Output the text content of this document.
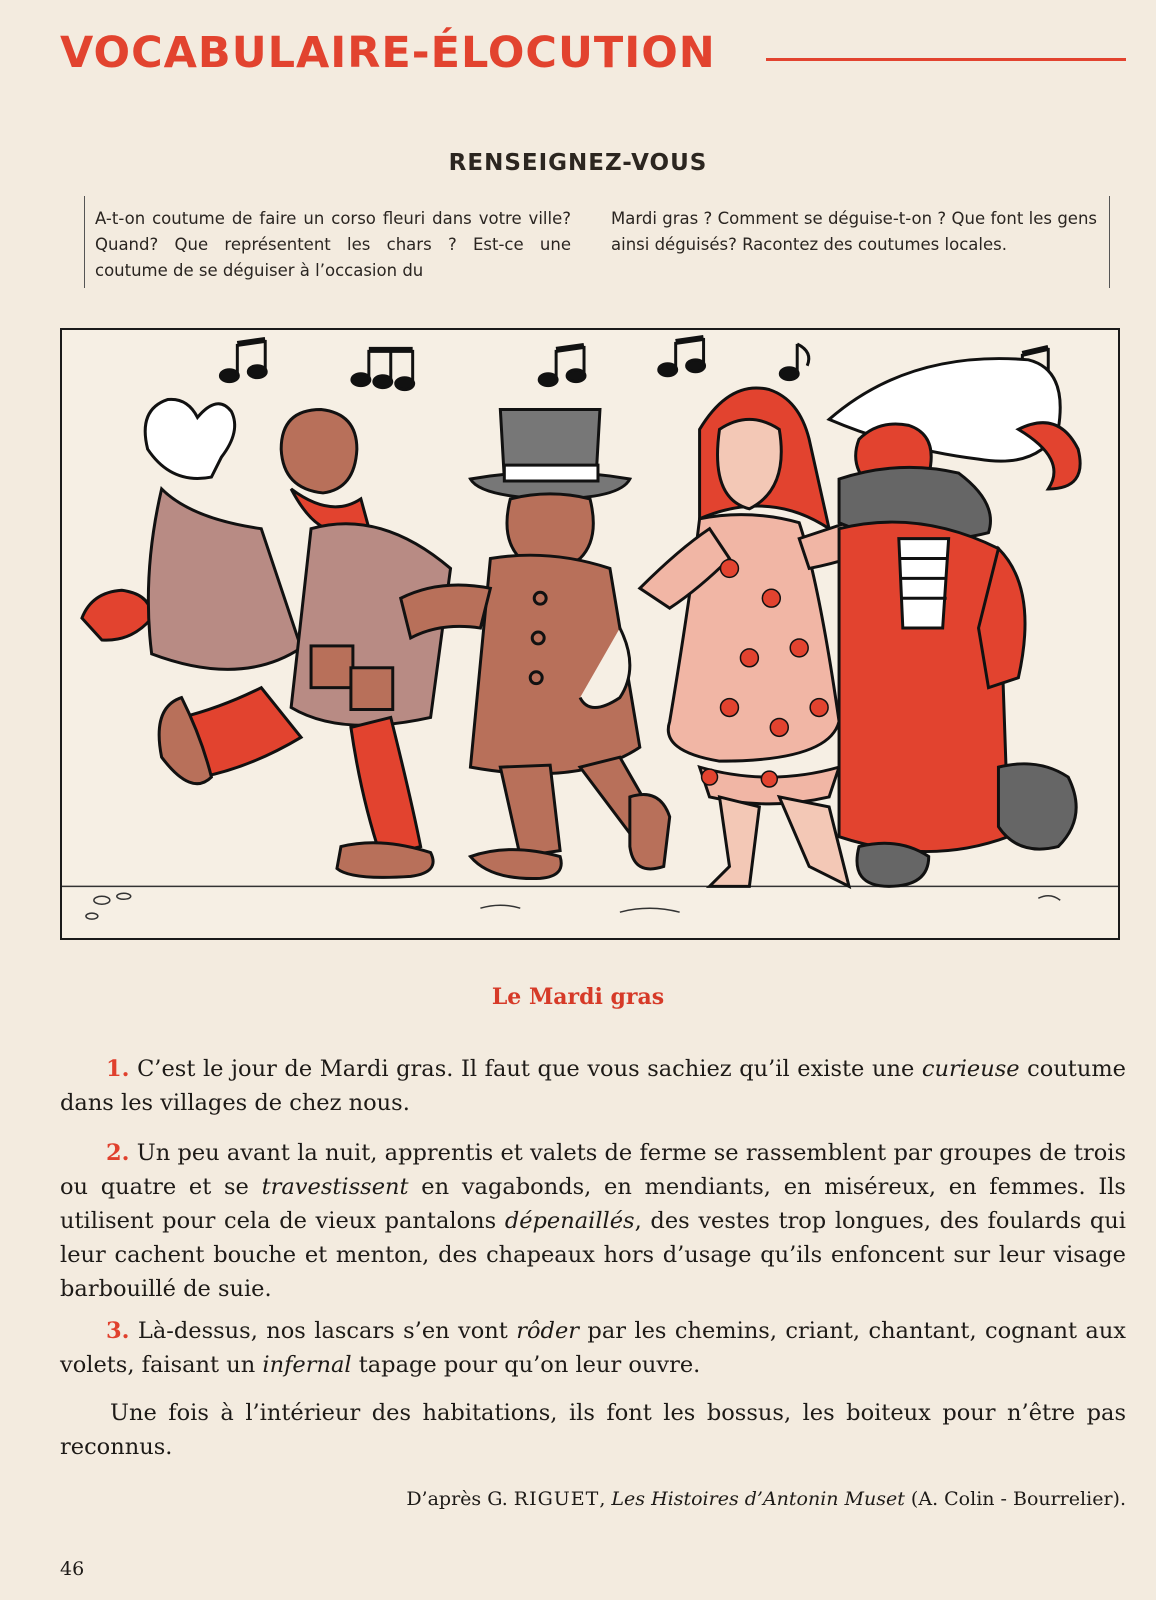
VOCABULAIRE-ÉLOCUTION
RENSEIGNEZ-VOUS
A-t-on coutume de faire un corso fleuri dans votre ville? Quand? Que représentent les chars ? Est-ce une coutume de se déguiser à l’occasion du
Mardi gras ? Comment se déguise-t-on ? Que font les gens ainsi déguisés? Racontez des coutumes locales.
Le Mardi gras
1. C’est le jour de Mardi gras. Il faut que vous sachiez qu’il existe une curieuse coutume dans les villages de chez nous.
2. Un peu avant la nuit, apprentis et valets de ferme se rassemblent par groupes de trois ou quatre et se travestissent en vagabonds, en mendiants, en miséreux, en femmes. Ils utilisent pour cela de vieux pantalons dépenaillés, des vestes trop longues, des foulards qui leur cachent bouche et menton, des chapeaux hors d’usage qu’ils enfoncent sur leur visage barbouillé de suie.
3. Là-dessus, nos lascars s’en vont rôder par les chemins, criant, chantant, cognant aux volets, faisant un infernal tapage pour qu’on leur ouvre.
Une fois à l’intérieur des habitations, ils font les bossus, les boiteux pour n’être pas reconnus.
D’après G. RIGUET, Les Histoires d’Antonin Muset (A. Colin - Bourrelier).
46
